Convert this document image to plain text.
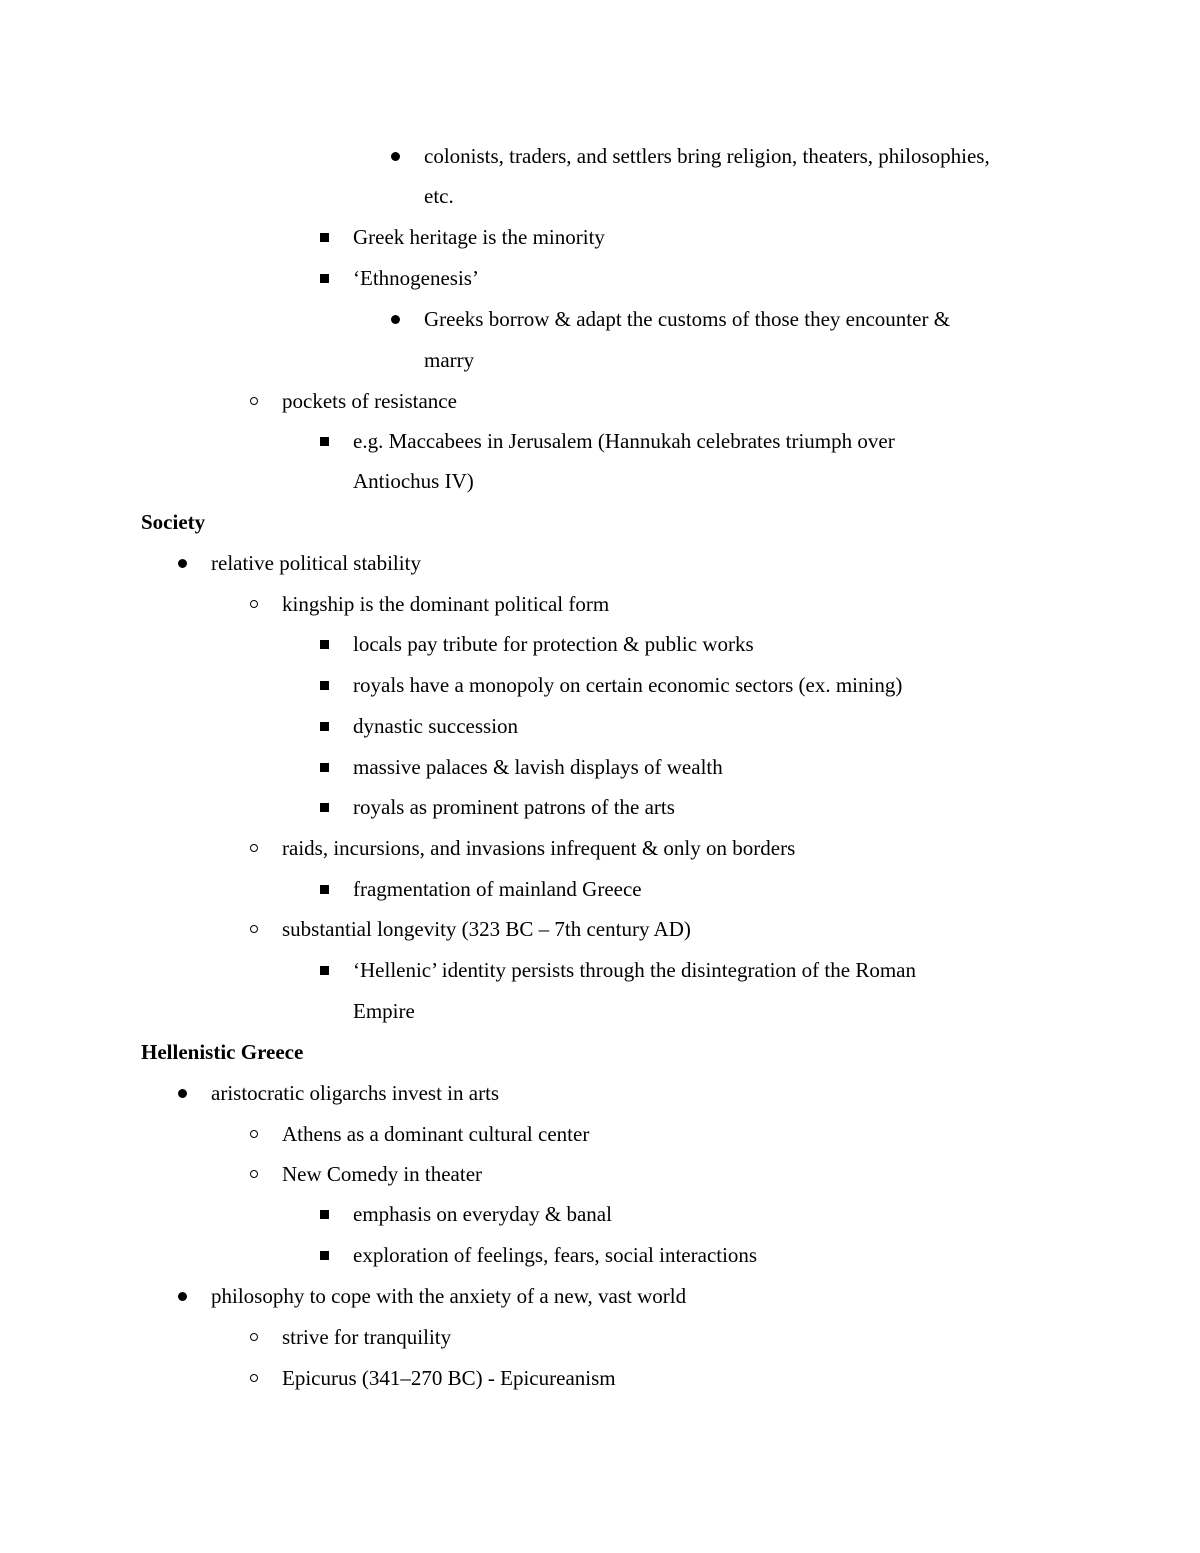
colonists, traders, and settlers bring religion, theaters, philosophies,
etc.
Greek heritage is the minority
‘Ethnogenesis’
Greeks borrow & adapt the customs of those they encounter &
marry
pockets of resistance
e.g. Maccabees in Jerusalem (Hannukah celebrates triumph over
Antiochus IV)
Society
relative political stability
kingship is the dominant political form
locals pay tribute for protection & public works
royals have a monopoly on certain economic sectors (ex. mining)
dynastic succession
massive palaces & lavish displays of wealth
royals as prominent patrons of the arts
raids, incursions, and invasions infrequent & only on borders
fragmentation of mainland Greece
substantial longevity (323 BC – 7th century AD)
‘Hellenic’ identity persists through the disintegration of the Roman
Empire
Hellenistic Greece
aristocratic oligarchs invest in arts
Athens as a dominant cultural center
New Comedy in theater
emphasis on everyday & banal
exploration of feelings, fears, social interactions
philosophy to cope with the anxiety of a new, vast world
strive for tranquility
Epicurus (341–270 BC) - Epicureanism
